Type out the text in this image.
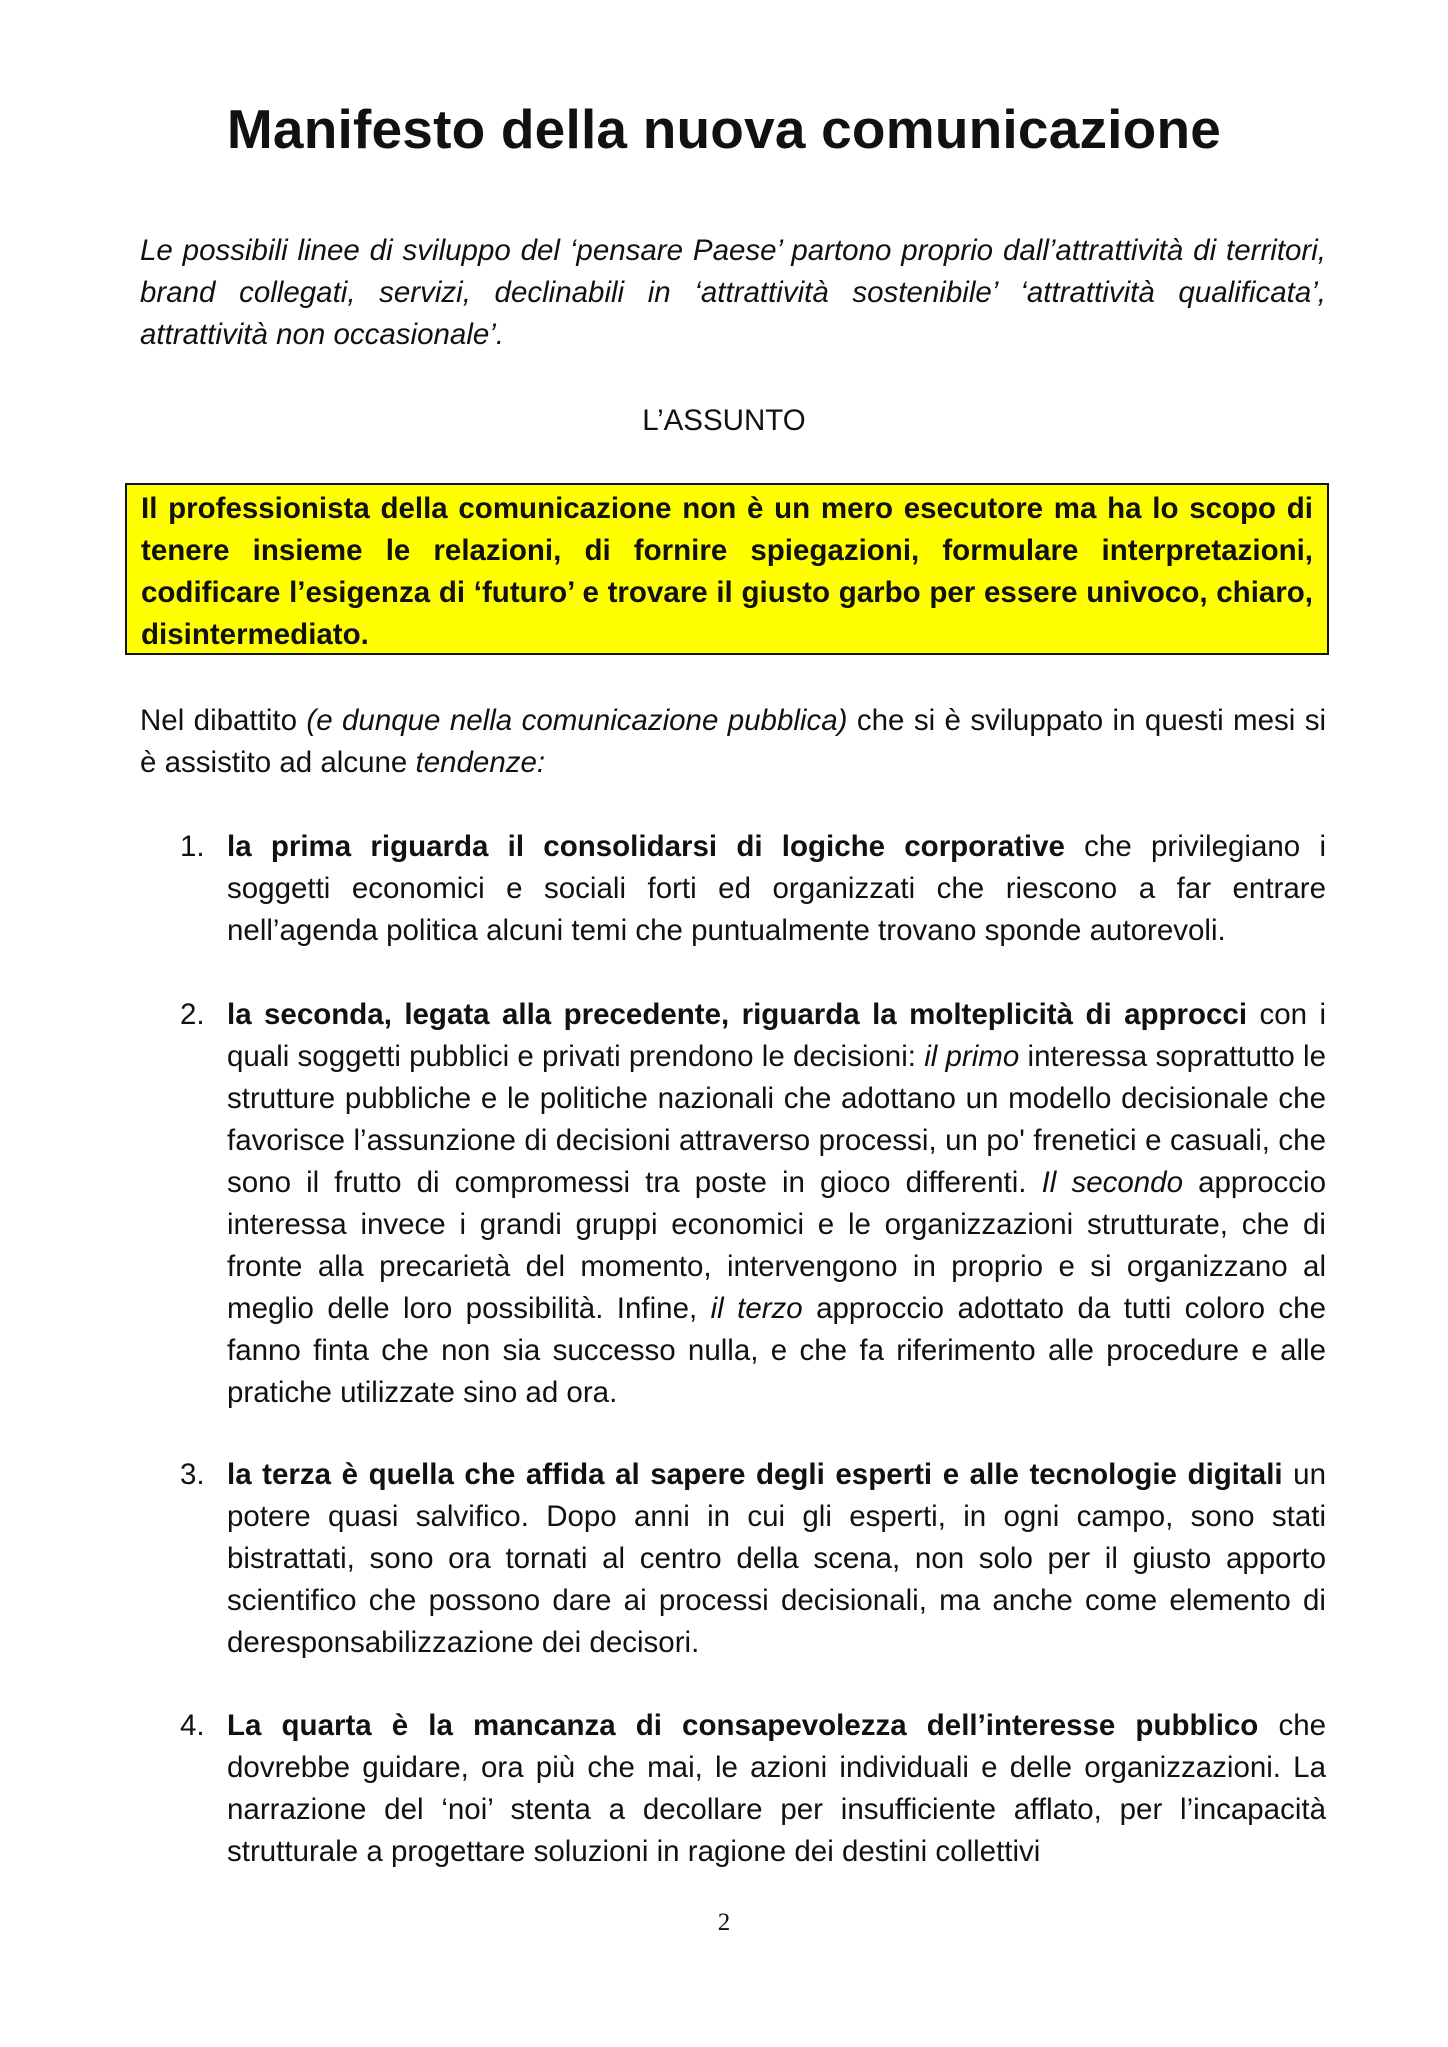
Manifesto della nuova comunicazione

Le possibili linee di sviluppo del ‘pensare Paese’ partono proprio dall’attrattività di territori, brand collegati, servizi, declinabili in ‘attrattività sostenibile’ ‘attrattività qualificata’, attrattività non occasionale’.

L’ASSUNTO

Il professionista della comunicazione non è un mero esecutore ma ha lo scopo di tenere insieme le relazioni, di fornire spiegazioni, formulare interpretazioni, codificare l’esigenza di ‘futuro’ e trovare il giusto garbo per essere univoco, chiaro, disintermediato.

Nel dibattito (e dunque nella comunicazione pubblica) che si è sviluppato in questi mesi si è assistito ad alcune tendenze:

1. la prima riguarda il consolidarsi di logiche corporative che privilegiano i soggetti economici e sociali forti ed organizzati che riescono a far entrare nell’agenda politica alcuni temi che puntualmente trovano sponde autorevoli.
2. la seconda, legata alla precedente, riguarda la molteplicità di approcci con i quali soggetti pubblici e privati prendono le decisioni: il primo interessa soprattutto le strutture pubbliche e le politiche nazionali che adottano un modello decisionale che favorisce l’assunzione di decisioni attraverso processi, un po' frenetici e casuali, che sono il frutto di compromessi tra poste in gioco differenti. Il secondo approccio interessa invece i grandi gruppi economici e le organizzazioni strutturate, che di fronte alla precarietà del momento, intervengono in proprio e si organizzano al meglio delle loro possibilità. Infine, il terzo approccio adottato da tutti coloro che fanno finta che non sia successo nulla, e che fa riferimento alle procedure e alle pratiche utilizzate sino ad ora.
3. la terza è quella che affida al sapere degli esperti e alle tecnologie digitali un potere quasi salvifico. Dopo anni in cui gli esperti, in ogni campo, sono stati bistrattati, sono ora tornati al centro della scena, non solo per il giusto apporto scientifico che possono dare ai processi decisionali, ma anche come elemento di deresponsabilizzazione dei decisori.
4. La quarta è la mancanza di consapevolezza dell’interesse pubblico che dovrebbe guidare, ora più che mai, le azioni individuali e delle organizzazioni. La narrazione del ‘noi’ stenta a decollare per insufficiente afflato, per l’incapacità strutturale a progettare soluzioni in ragione dei destini collettivi
2
